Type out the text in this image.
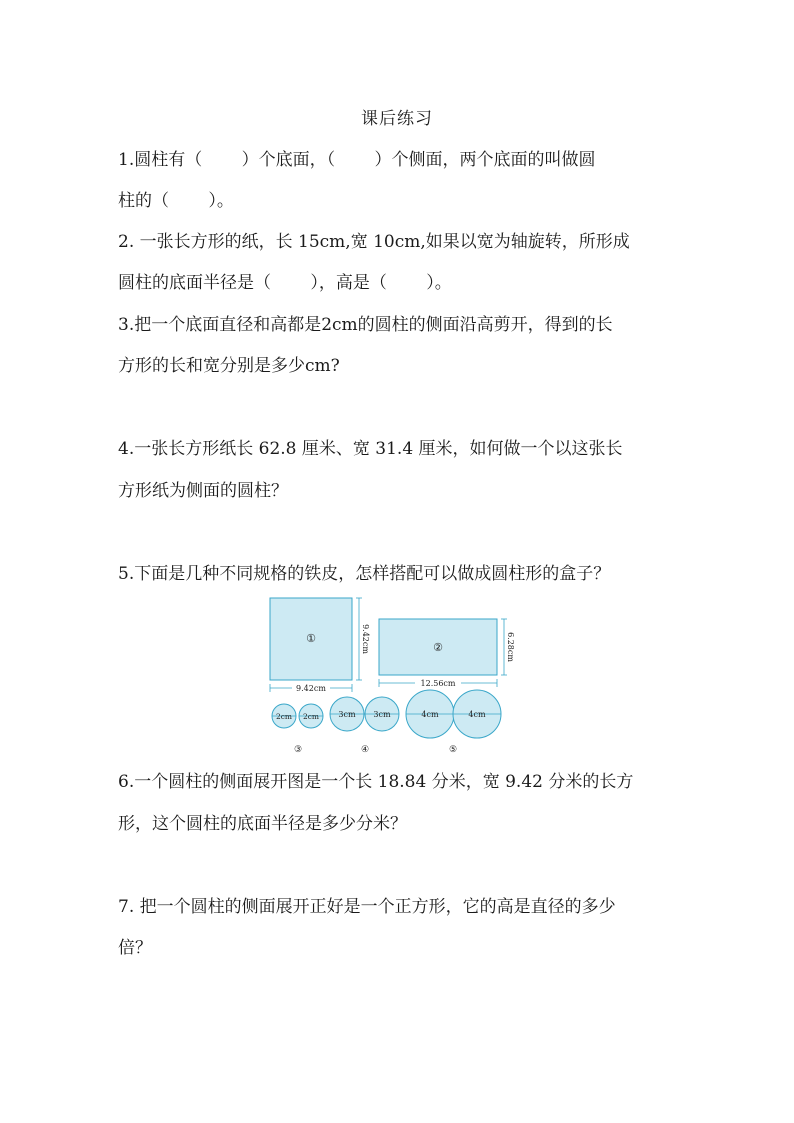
课后练习
1.圆柱有（　　 ）个底面，（　　 ）个侧面，两个底面的叫做圆
柱的（　　 ）。
2. 一张长方形的纸，长 15cm,宽 10cm,如果以宽为轴旋转，所形成
圆柱的底面半径是（　　 ），高是（　　 ）。
3.把一个底面直径和高都是2cm的圆柱的侧面沿高剪开，得到的长
方形的长和宽分别是多少cm?
4.一张长方形纸长 62.8 厘米、宽 31.4 厘米，如何做一个以这张长
方形纸为侧面的圆柱？
5.下面是几种不同规格的铁皮，怎样搭配可以做成圆柱形的盒子？
①	9.42cm
9.42cm
②	6.28cm
12.56cm
2cm 2cm
③
3cm 3cm
④
4cm	4cm
⑤
6.一个圆柱的侧面展开图是一个长 18.84 分米，宽 9.42 分米的长方
形，这个圆柱的底面半径是多少分米？
7. 把一个圆柱的侧面展开正好是一个正方形，它的高是直径的多少
倍？
